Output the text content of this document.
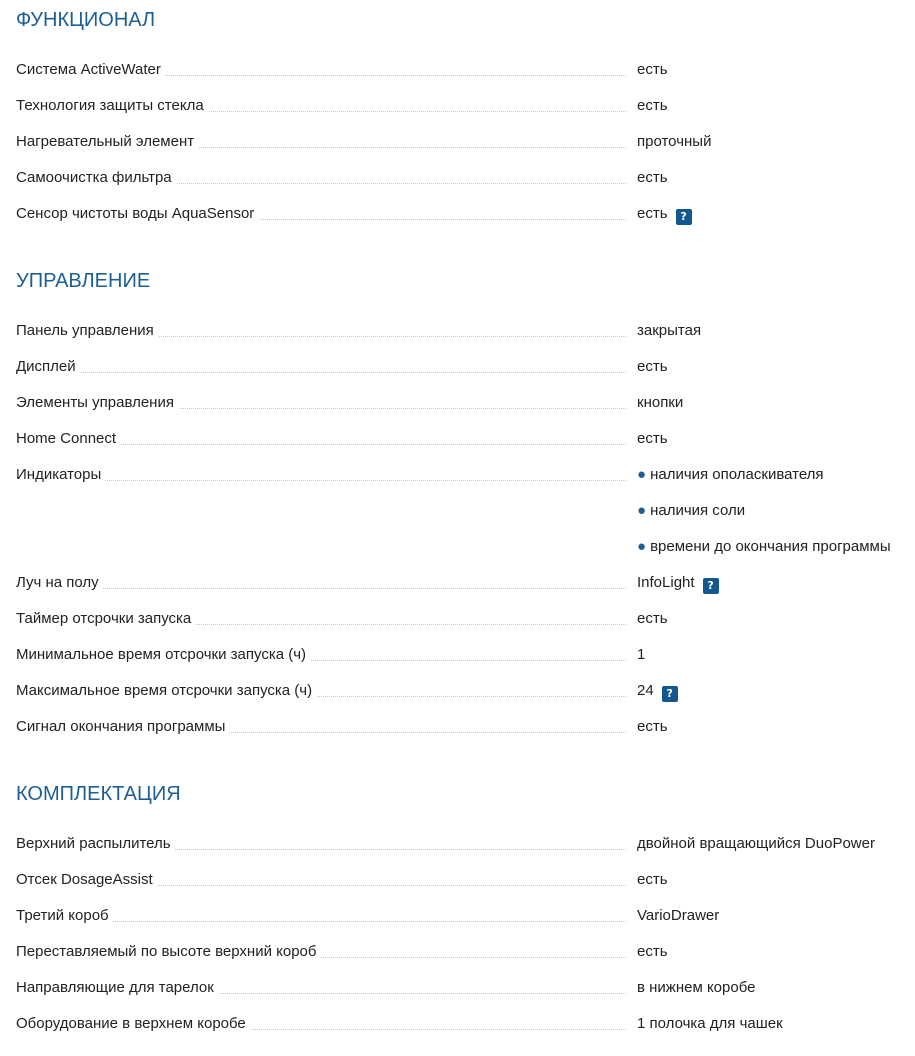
ФУНКЦИОНАЛ
Система ActiveWater	есть
Технология защиты стекла	есть
Нагревательный элемент	проточный
Самоочистка фильтра	есть
Сенсор чистоты воды AquaSensor	есть ?
УПРАВЛЕНИЕ
Панель управления	закрытая
Дисплей	есть
Элементы управления	кнопки
Home Connect	есть
Индикаторы	● наличия ополаскивателя
● наличия соли
● времени до окончания программы
Луч на полу	InfoLight ?
Таймер отсрочки запуска	есть
Минимальное время отсрочки запуска (ч)	1
Максимальное время отсрочки запуска (ч)	24 ?
Сигнал окончания программы	есть
КОМПЛЕКТАЦИЯ
Верхний распылитель	двойной вращающийся DuoPower
Отсек DosageAssist	есть
Третий короб	VarioDrawer
Переставляемый по высоте верхний короб	есть
Направляющие для тарелок	в нижнем коробе
Оборудование в верхнем коробе	1 полочка для чашек
